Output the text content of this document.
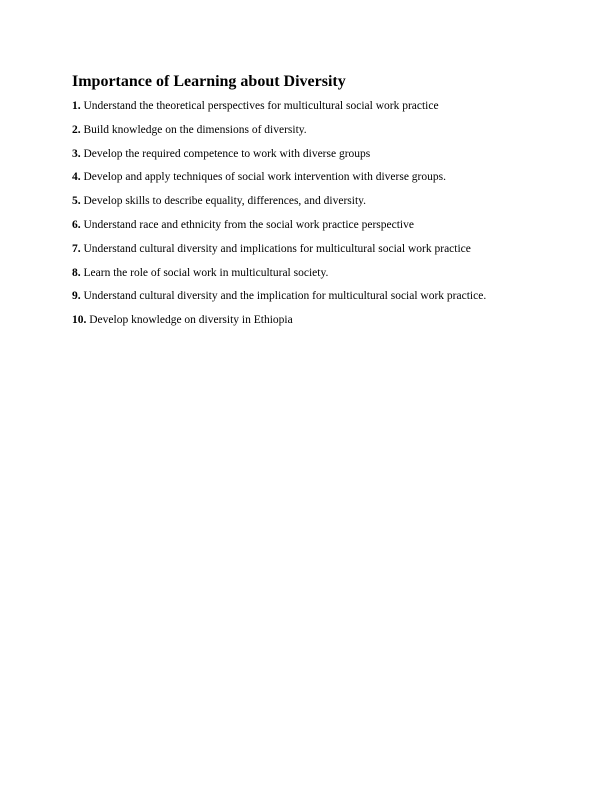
Importance of Learning about Diversity
1. Understand the theoretical perspectives for multicultural social work practice
2. Build knowledge on the dimensions of diversity.
3. Develop the required competence to work with diverse groups
4. Develop and apply techniques of social work intervention with diverse groups.
5. Develop skills to describe equality, differences, and diversity.
6. Understand race and ethnicity from the social work practice perspective
7. Understand cultural diversity and implications for multicultural social work practice
8. Learn the role of social work in multicultural society.
9. Understand cultural diversity and the implication for multicultural social work practice.
10. Develop knowledge on diversity in Ethiopia
